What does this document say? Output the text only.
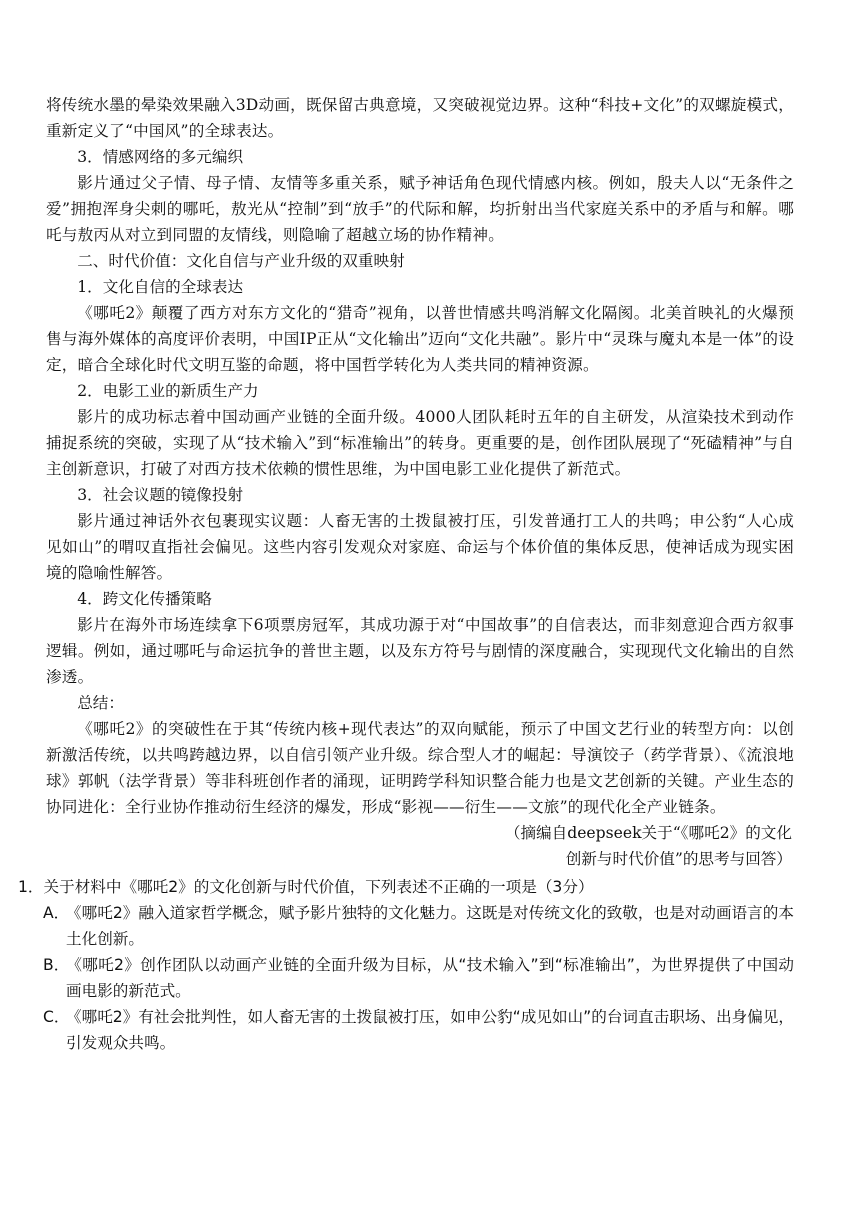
将传统水墨的晕染效果融入3D动画，既保留古典意境，又突破视觉边界。这种“科技+文化”的双螺旋模式，重新定义了“中国风”的全球表达。

3．情感网络的多元编织

影片通过父子情、母子情、友情等多重关系，赋予神话角色现代情感内核。例如，殷夫人以“无条件之爱”拥抱浑身尖刺的哪吒，敖光从“控制”到“放手”的代际和解，均折射出当代家庭关系中的矛盾与和解。哪吒与敖丙从对立到同盟的友情线，则隐喻了超越立场的协作精神。

二、时代价值：文化自信与产业升级的双重映射

1．文化自信的全球表达

《哪吒2》颠覆了西方对东方文化的“猎奇”视角，以普世情感共鸣消解文化隔阂。北美首映礼的火爆预售与海外媒体的高度评价表明，中国IP正从“文化输出”迈向“文化共融”。影片中“灵珠与魔丸本是一体”的设定，暗合全球化时代文明互鉴的命题，将中国哲学转化为人类共同的精神资源。

2．电影工业的新质生产力

影片的成功标志着中国动画产业链的全面升级。4000人团队耗时五年的自主研发，从渲染技术到动作捕捉系统的突破，实现了从“技术输入”到“标准输出”的转身。更重要的是，创作团队展现了“死磕精神”与自主创新意识，打破了对西方技术依赖的惯性思维，为中国电影工业化提供了新范式。

3．社会议题的镜像投射

影片通过神话外衣包裹现实议题：人畜无害的土拨鼠被打压，引发普通打工人的共鸣；申公豹“人心成见如山”的喟叹直指社会偏见。这些内容引发观众对家庭、命运与个体价值的集体反思，使神话成为现实困境的隐喻性解答。

4．跨文化传播策略

影片在海外市场连续拿下6项票房冠军，其成功源于对“中国故事”的自信表达，而非刻意迎合西方叙事逻辑。例如，通过哪吒与命运抗争的普世主题，以及东方符号与剧情的深度融合，实现现代文化输出的自然渗透。

总结：

《哪吒2》的突破性在于其“传统内核+现代表达”的双向赋能，预示了中国文艺行业的转型方向：以创新激活传统，以共鸣跨越边界，以自信引领产业升级。综合型人才的崛起：导演饺子（药学背景）、《流浪地球》郭帆（法学背景）等非科班创作者的涌现，证明跨学科知识整合能力也是文艺创新的关键。产业生态的协同进化：全行业协作推动衍生经济的爆发，形成“影视——衍生——文旅”的现代化全产业链条。

（摘编自deepseek关于“《哪吒2》的文化

创新与时代价值”的思考与回答）

1．关于材料中《哪吒2》的文化创新与时代价值，下列表述不正确的一项是（3分）

A．《哪吒2》融入道家哲学概念，赋予影片独特的文化魅力。这既是对传统文化的致敬，也是对动画语言的本土化创新。

B．《哪吒2》创作团队以动画产业链的全面升级为目标，从“技术输入”到“标准输出”，为世界提供了中国动画电影的新范式。

C．《哪吒2》有社会批判性，如人畜无害的土拨鼠被打压，如申公豹“成见如山”的台词直击职场、出身偏见，引发观众共鸣。
